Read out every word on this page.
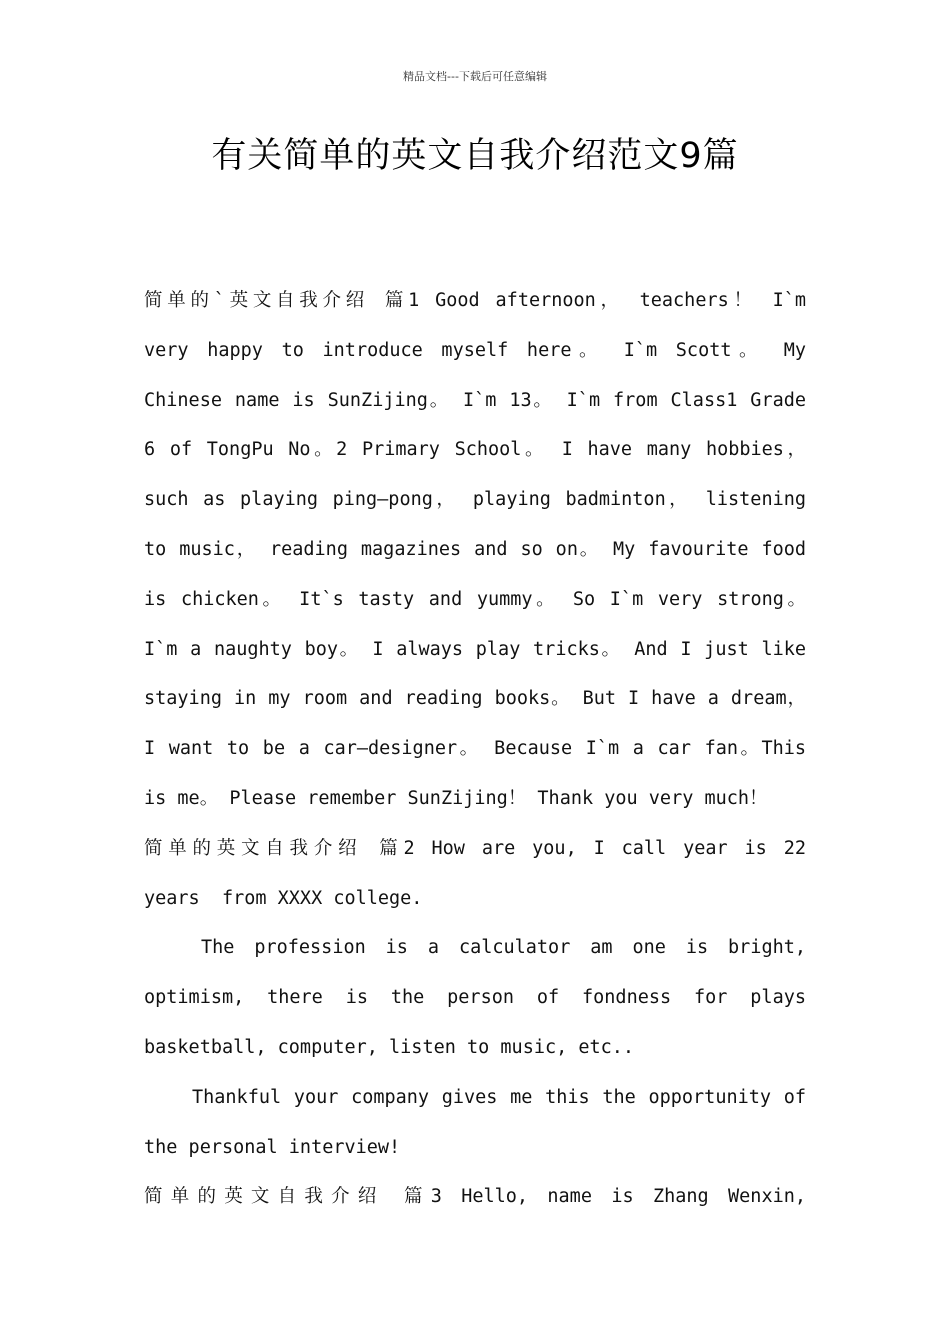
精品文档---下载后可任意编辑
有关简单的英文自我介绍范文9篇
简单的`英文自我介绍 篇1 Good afternoon， teachers！ I`m
very happy to introduce myself here。 I`m Scott。 My
Chinese name is SunZijing。 I`m 13。 I`m from Class1 Grade
6 of TongPu No。2 Primary School。 I have many hobbies，
such as playing ping—pong， playing badminton， listening
to music， reading magazines and so on。 My favourite food
is chicken。 It`s tasty and yummy。 So I`m very strong。
I`m a naughty boy。 I always play tricks。 And I just like
staying in my room and reading books。 But I have a dream，
I want to be a car—designer。 Because I`m a car fan。This
is me。 Please remember SunZijing！ Thank you very much！
简单的英文自我介绍 篇2 How are you, I call year is 22
years  from XXXX college.
The profession is a calculator am one is bright,
optimism, there is the person of fondness for plays
basketball, computer, listen to music, etc..
Thankful your company gives me this the opportunity of
the personal interview!
简单的英文自我介绍 篇3 Hello, name is Zhang Wenxin,
